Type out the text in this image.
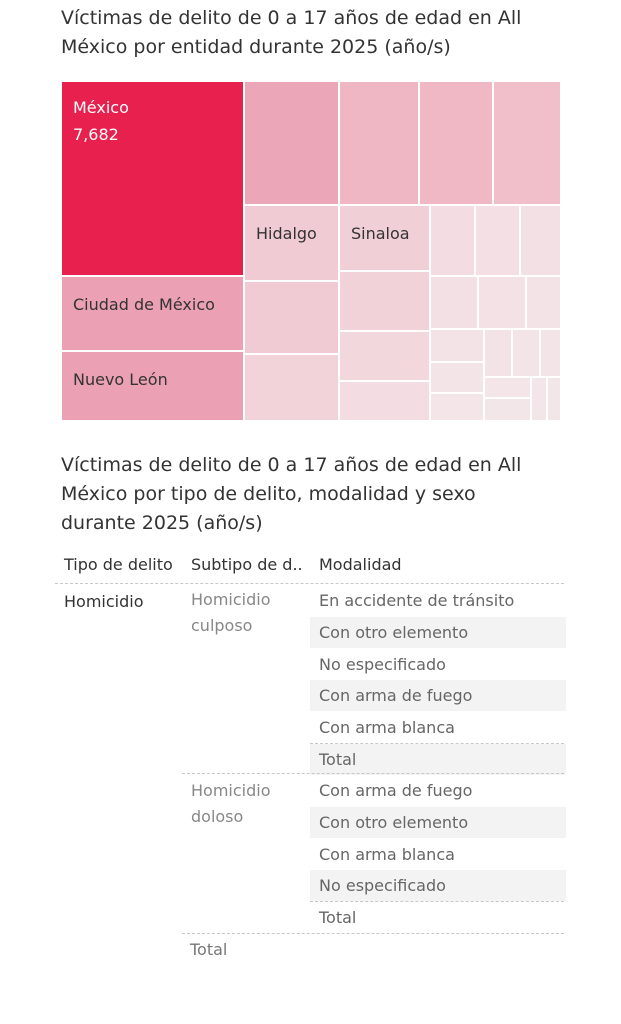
Víctimas de delito de 0 a 17 años de edad en All México por entidad durante 2025 (año/s)
México
7,682
Ciudad de México
Nuevo León
Hidalgo Sinaloa
Víctimas de delito de 0 a 17 años de edad en All México por tipo de delito, modalidad y sexo durante 2025 (año/s)
Tipo de delito	Subtipo de d.. Modalidad
Homicidio	Homicidio
culposo
Homicidio
doloso
En accidente de tránsito
Con otro elemento
No especificado
Con arma de fuego
Con arma blanca
Total
Con arma de fuego
Con otro elemento
Con arma blanca
No especificado
Total
Total
